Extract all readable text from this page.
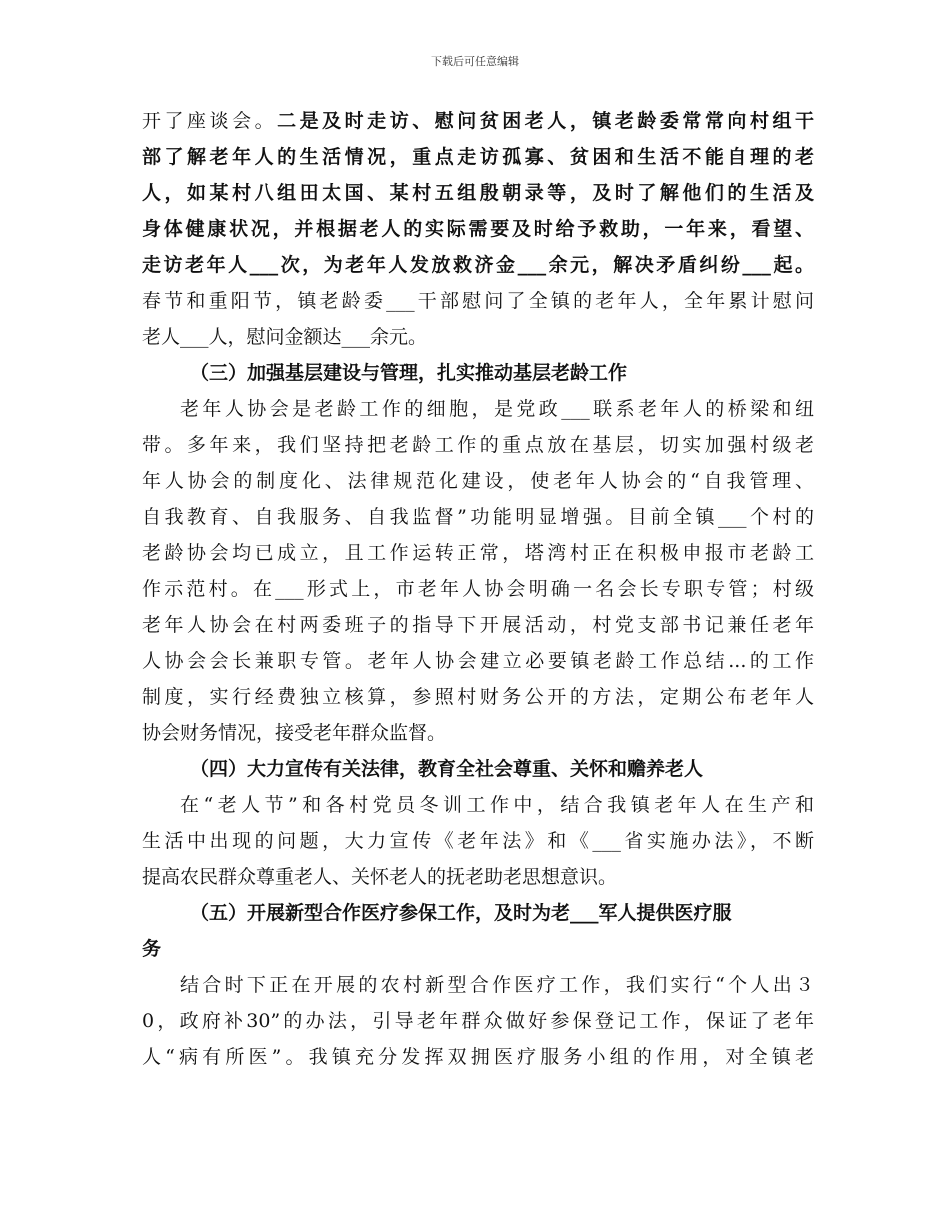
下载后可任意编辑
开了座谈会。二是及时走访、慰问贫困老人，镇老龄委常常向村组干
部了解老年人的生活情况，重点走访孤寡、贫困和生活不能自理的老
人，如某村八组田太国、某村五组殷朝录等，及时了解他们的生活及
身体健康状况，并根据老人的实际需要及时给予救助，一年来，看望、
走访老年人___次，为老年人发放救济金___余元，解决矛盾纠纷___起。
春节和重阳节，镇老龄委___干部慰问了全镇的老年人，全年累计慰问
老人___人，慰问金额达___余元。
（三）加强基层建设与管理，扎实推动基层老龄工作
老年人协会是老龄工作的细胞，是党政___联系老年人的桥梁和纽
带。多年来，我们坚持把老龄工作的重点放在基层，切实加强村级老
年人协会的制度化、法律规范化建设，使老年人协会的“自我管理、
自我教育、自我服务、自我监督”功能明显增强。目前全镇___个村的
老龄协会均已成立，且工作运转正常，塔湾村正在积极申报市老龄工
作示范村。在___形式上，市老年人协会明确一名会长专职专管；村级
老年人协会在村两委班子的指导下开展活动，村党支部书记兼任老年
人协会会长兼职专管。老年人协会建立必要镇老龄工作总结...的工作
制度，实行经费独立核算，参照村财务公开的方法，定期公布老年人
协会财务情况，接受老年群众监督。
（四）大力宣传有关法律，教育全社会尊重、关怀和赡养老人
在“老人节”和各村党员冬训工作中，结合我镇老年人在生产和
生活中出现的问题，大力宣传《老年法》和《___省实施办法》，不断
提高农民群众尊重老人、关怀老人的抚老助老思想意识。
（五）开展新型合作医疗参保工作，及时为老___军人提供医疗服
务
结合时下正在开展的农村新型合作医疗工作，我们实行“个人出３
0，政府补30”的办法，引导老年群众做好参保登记工作，保证了老年
人“病有所医”。我镇充分发挥双拥医疗服务小组的作用，对全镇老
